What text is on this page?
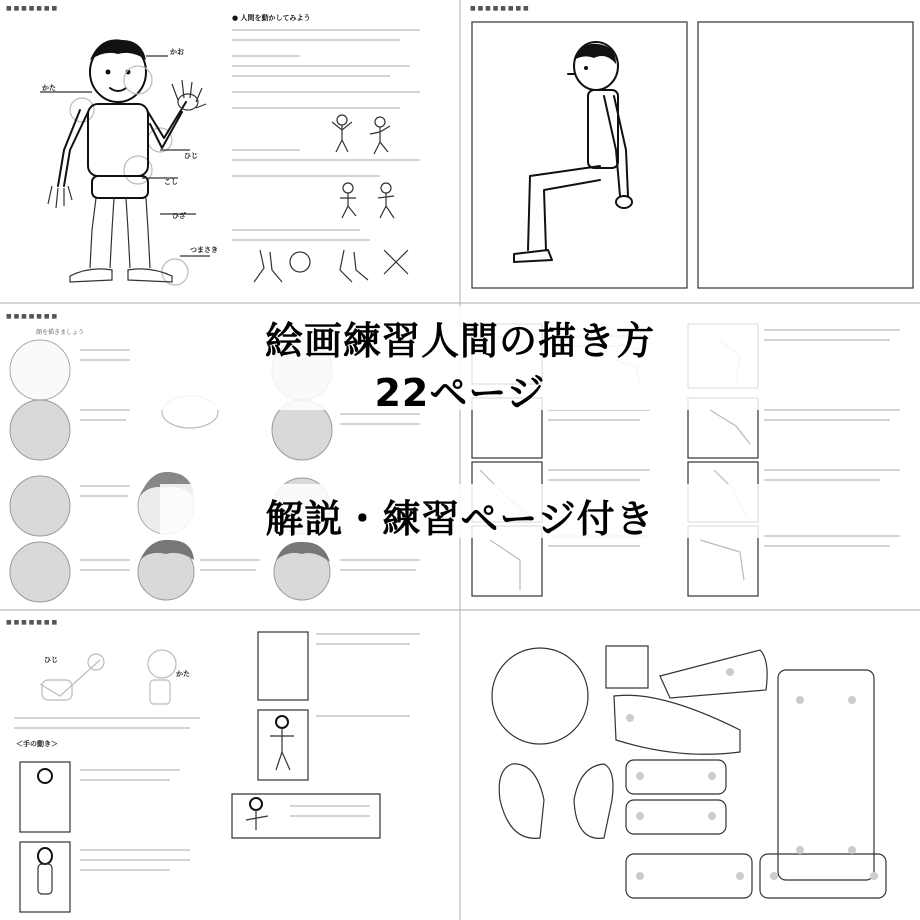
■ ■ ■ ■ ■ ■ ■
かお
かた
ひじ
こし
ひざ
つまさき
● 人間を動かしてみよう
■ ■ ■ ■ ■ ■ ■ ■
■ ■ ■ ■ ■ ■ ■
顔を描きましょう
■ ■ ■ ■ ■ ■ ■
ひじ
かた
＜手の動き＞
絵画練習人間の描き方
22ページ
解説・練習ページ付き
